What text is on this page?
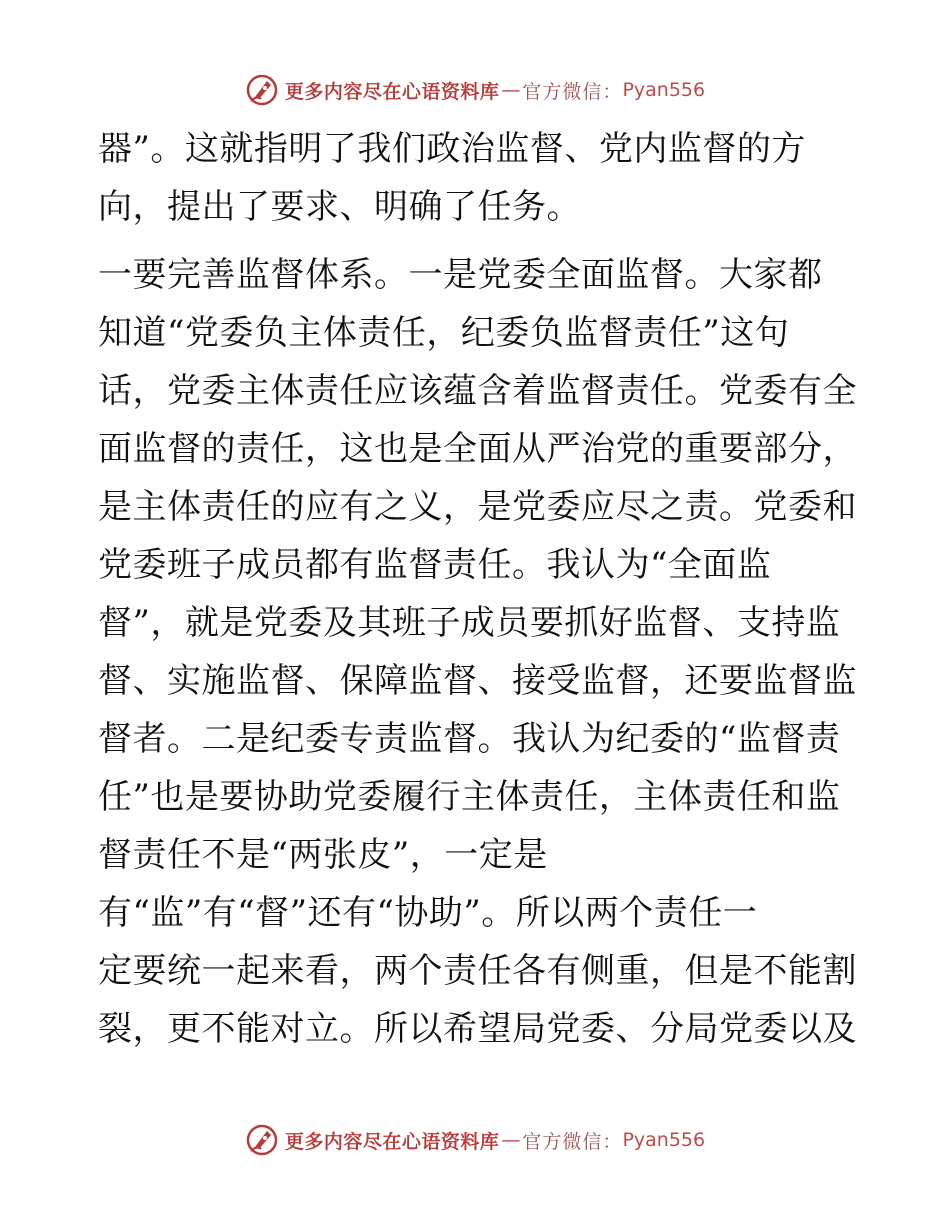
更多内容尽在心语资料库 — 官方微信： Pyan556
器”。这就指明了我们政治监督、党内监督的方
向，提出了要求、明确了任务。
一要完善监督体系。一是党委全面监督。大家都
知道“党委负主体责任，纪委负监督责任”这句
话，党委主体责任应该蕴含着监督责任。党委有全
面监督的责任，这也是全面从严治党的重要部分，
是主体责任的应有之义，是党委应尽之责。党委和
党委班子成员都有监督责任。我认为“全面监
督”，就是党委及其班子成员要抓好监督、支持监
督、实施监督、保障监督、接受监督，还要监督监
督者。二是纪委专责监督。我认为纪委的“监督责
任”也是要协助党委履行主体责任，主体责任和监
督责任不是“两张皮”，一定是
有“监”有“督”还有“协助”。所以两个责任一
定要统一起来看，两个责任各有侧重，但是不能割
裂，更不能对立。所以希望局党委、分局党委以及
更多内容尽在心语资料库 — 官方微信： Pyan556
